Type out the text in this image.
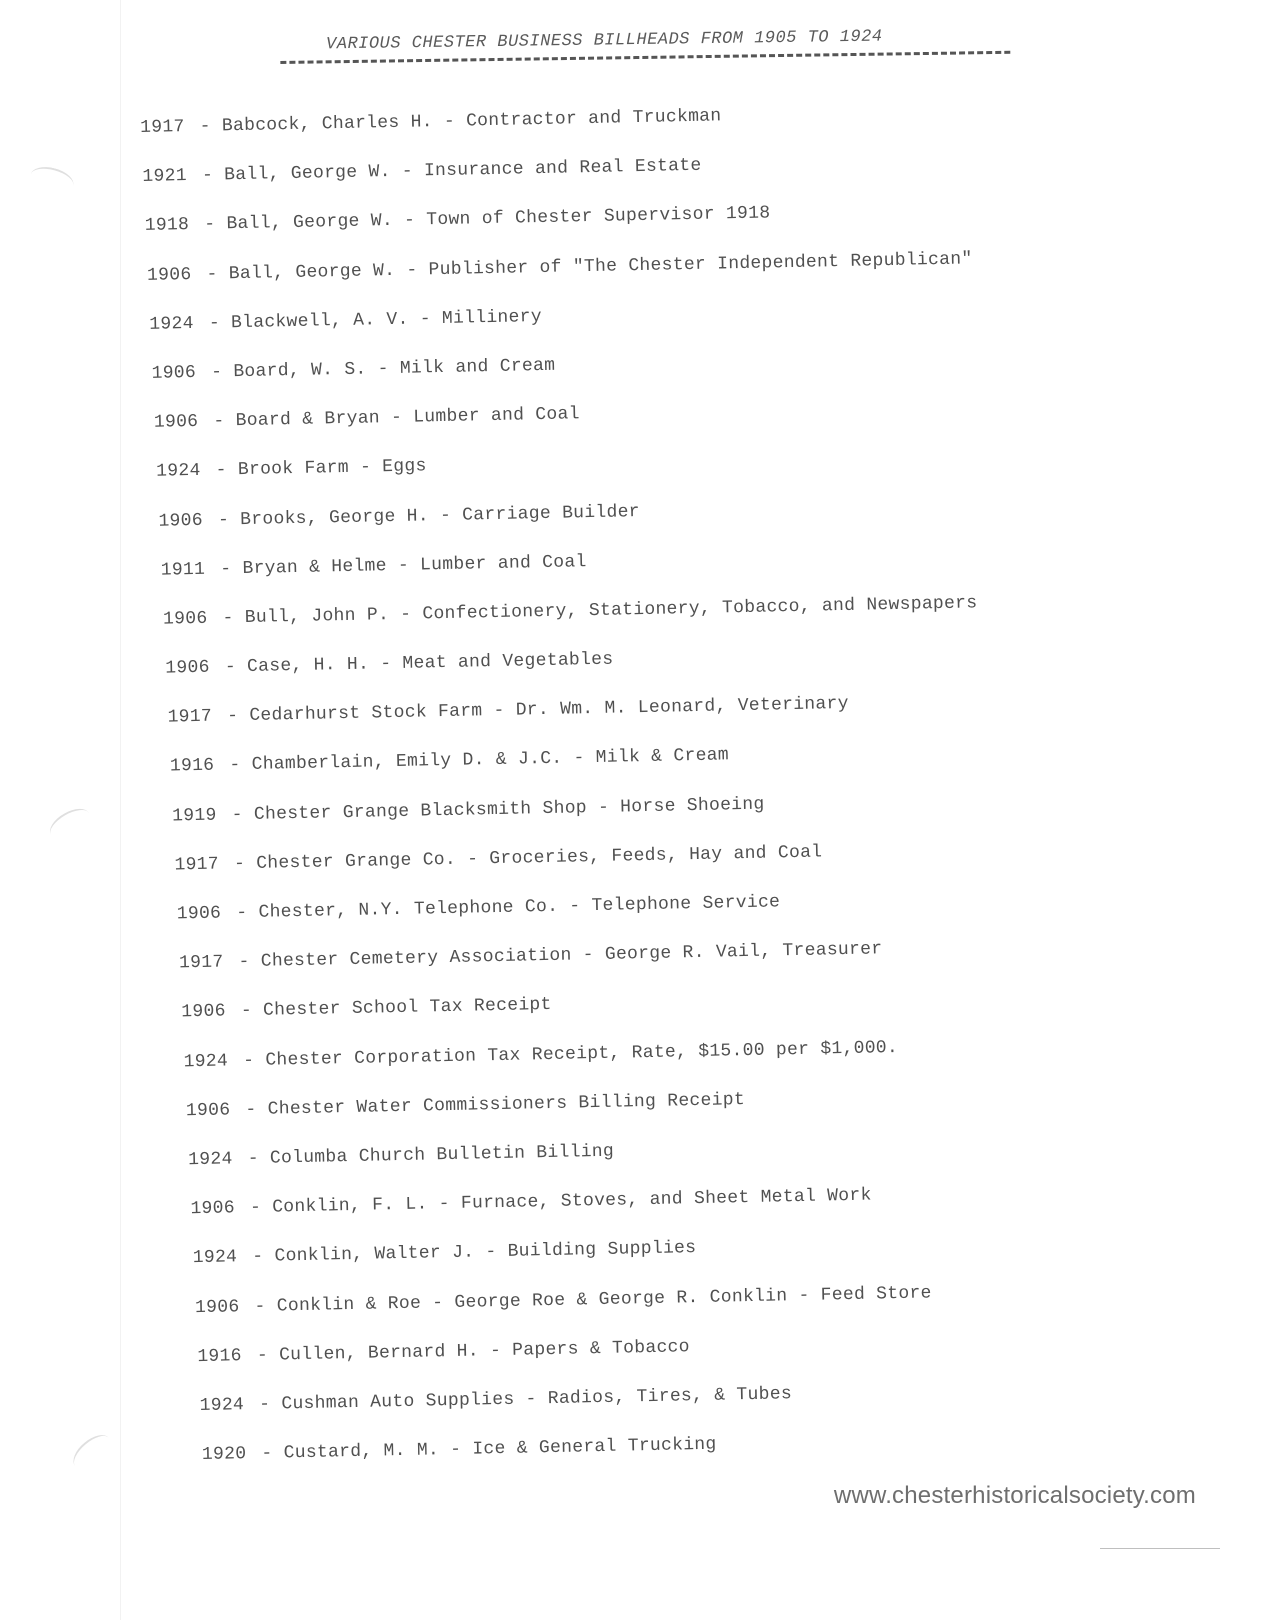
VARIOUS CHESTER BUSINESS BILLHEADS FROM 1905 TO 1924
1917 - Babcock, Charles H. - Contractor and Truckman
1921 - Ball, George W. - Insurance and Real Estate
1918 - Ball, George W. - Town of Chester Supervisor 1918
1906 - Ball, George W. - Publisher of "The Chester Independent Republican"
1924 - Blackwell, A. V. - Millinery
1906 - Board, W. S. - Milk and Cream
1906 - Board & Bryan - Lumber and Coal
1924 - Brook Farm - Eggs
1906 - Brooks, George H. - Carriage Builder
1911 - Bryan & Helme - Lumber and Coal
1906 - Bull, John P. - Confectionery, Stationery, Tobacco, and Newspapers
1906 - Case, H. H. - Meat and Vegetables
1917 - Cedarhurst Stock Farm - Dr. Wm. M. Leonard, Veterinary
1916 - Chamberlain, Emily D. & J.C. - Milk & Cream
1919 - Chester Grange Blacksmith Shop - Horse Shoeing
1917 - Chester Grange Co. - Groceries, Feeds, Hay and Coal
1906 - Chester, N.Y. Telephone Co. - Telephone Service
1917 - Chester Cemetery Association - George R. Vail, Treasurer
1906 - Chester School Tax Receipt
1924 - Chester Corporation Tax Receipt, Rate, $15.00 per $1,000.
1906 - Chester Water Commissioners Billing Receipt
1924 - Columba Church Bulletin Billing
1906 - Conklin, F. L. - Furnace, Stoves, and Sheet Metal Work
1924 - Conklin, Walter J. - Building Supplies
1906 - Conklin & Roe - George Roe & George R. Conklin - Feed Store
1916 - Cullen, Bernard H. - Papers & Tobacco
1924 - Cushman Auto Supplies - Radios, Tires, & Tubes
1920 - Custard, M. M. - Ice & General Trucking
www.chesterhistoricalsociety.com
